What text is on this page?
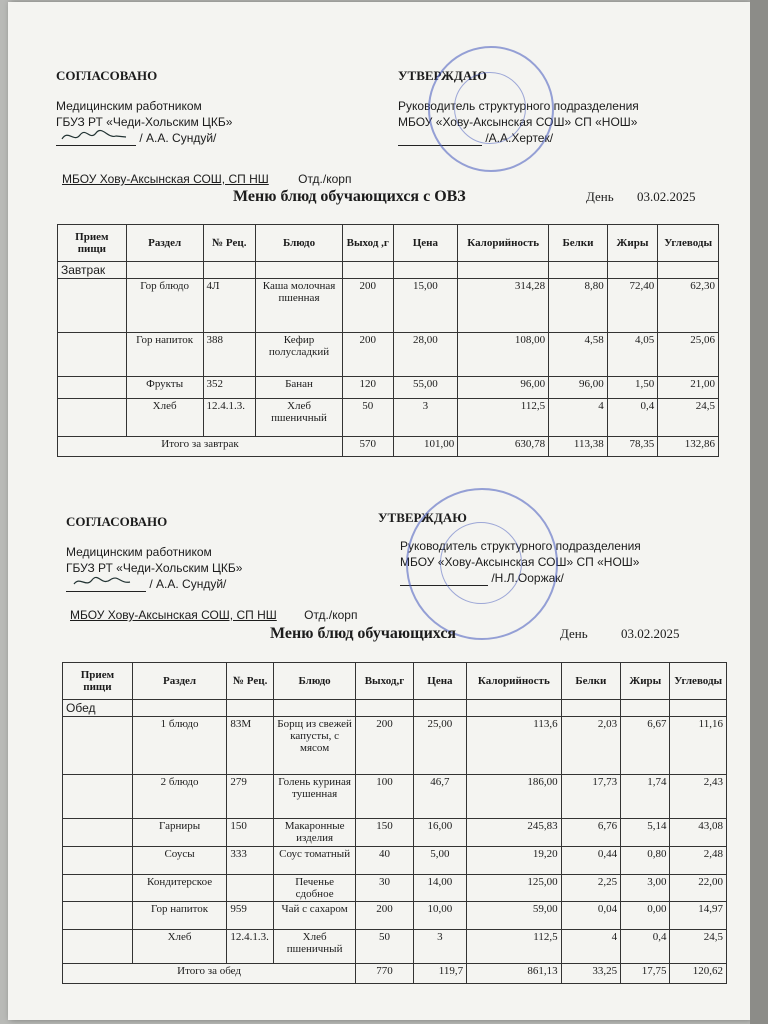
СОГЛАСОВАНО
Медицинским работником
ГБУЗ РТ «Чеди-Хольским ЦКБ»
/ А.А. Сундуй/
УТВЕРЖДАЮ
Руководитель структурного подразделения
МБОУ «Хову-Аксынская СОШ» СП «НОШ»
/А.А.Хертек/
МБОУ Хову-Аксынская СОШ, СП НШ Отд./корп
Меню блюд обучающихся с ОВЗ	День 03.02.2025
Прием пищи	Раздел	№ Рец.	Блюдо	Выход ,г	Цена	Калорийность	Белки	Жиры	Углеводы
Завтрак									
	Гор блюдо	4Л	Каша молочная пшенная	200	15,00	314,28	8,80	72,40	62,30
	Гор напиток	388	Кефир полусладкий	200	28,00	108,00	4,58	4,05	25,06
	Фрукты	352	Банан	120	55,00	96,00	96,00	1,50	21,00
	Хлеб	12.4.1.3.	Хлеб пшеничный	50	3	112,5	4	0,4	24,5
Итого за завтрак				570	101,00	630,78	113,38	78,35	132,86
СОГЛАСОВАНО
Медицинским работником
ГБУЗ РТ «Чеди-Хольским ЦКБ»
/ А.А. Сундуй/
УТВЕРЖДАЮ
Руководитель структурного подразделения
МБОУ «Хову-Аксынская СОШ» СП «НОШ»
/Н.Л.Ооржак/
МБОУ Хову-Аксынская СОШ, СП НШ Отд./корп
Меню блюд обучающихся	День	03.02.2025
Прием пищи	Раздел	№ Рец.	Блюдо	Выход,г	Цена	Калорийность	Белки	Жиры	Углеводы
Обед									
	1 блюдо	83М	Борщ из свежей капусты, с мясом	200	25,00	113,6	2,03	6,67	11,16
	2 блюдо	279	Голень куриная тушенная	100	46,7	186,00	17,73	1,74	2,43
	Гарниры	150	Макаронные изделия	150	16,00	245,83	6,76	5,14	43,08
	Соусы	333	Соус томатный	40	5,00	19,20	0,44	0,80	2,48
	Кондитерское		Печенье сдобное	30	14,00	125,00	2,25	3,00	22,00
	Гор напиток	959	Чай с сахаром	200	10,00	59,00	0,04	0,00	14,97
	Хлеб	12.4.1.3.	Хлеб пшеничный	50	3	112,5	4	0,4	24,5
Итого за обед				770	119,7	861,13	33,25	17,75	120,62
